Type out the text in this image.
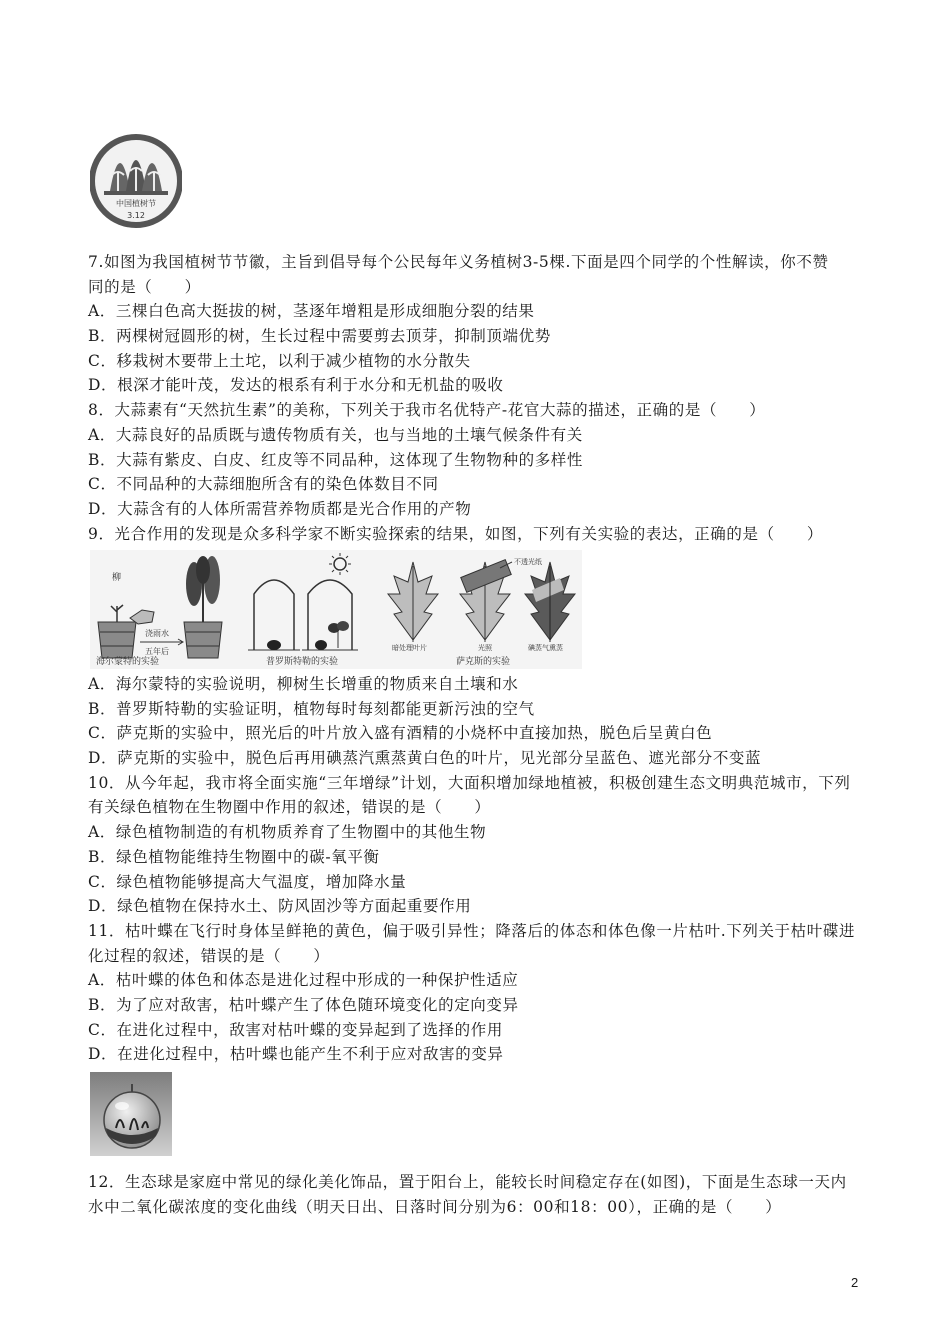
中国植树节
3.12
7.如图为我国植树节节徽，主旨到倡导每个公民每年义务植树3-5棵.下面是四个同学的个性解读，你不赞
同的是（　　）
A．三棵白色高大挺拔的树，茎逐年增粗是形成细胞分裂的结果
B．两棵树冠圆形的树，生长过程中需要剪去顶芽，抑制顶端优势
C．移栽树木要带上土坨，以利于减少植物的水分散失
D．根深才能叶茂，发达的根系有利于水分和无机盐的吸收
8．大蒜素有“天然抗生素”的美称，下列关于我市名优特产-花官大蒜的描述，正确的是（　　）
A．大蒜良好的品质既与遗传物质有关，也与当地的土壤气候条件有关
B．大蒜有紫皮、白皮、红皮等不同品种，这体现了生物物种的多样性
C．不同品种的大蒜细胞所含有的染色体数目不同
D．大蒜含有的人体所需营养物质都是光合作用的产物
9．光合作用的发现是众多科学家不断实验探索的结果，如图，下列有关实验的表达，正确的是（　　）
柳
浇雨水
五年后
海尔蒙特的实验	普罗斯特勒的实验
不透光纸
暗处理叶片	光照	碘蒸气熏蒸
萨克斯的实验
A．海尔蒙特的实验说明，柳树生长增重的物质来自土壤和水
B．普罗斯特勒的实验证明，植物每时每刻都能更新污浊的空气
C．萨克斯的实验中，照光后的叶片放入盛有酒精的小烧杯中直接加热，脱色后呈黄白色
D．萨克斯的实验中，脱色后再用碘蒸汽熏蒸黄白色的叶片，见光部分呈蓝色、遮光部分不变蓝
10．从今年起，我市将全面实施“三年增绿”计划，大面积增加绿地植被，积极创建生态文明典范城市，下列
有关绿色植物在生物圈中作用的叙述，错误的是（　　）
A．绿色植物制造的有机物质养育了生物圈中的其他生物
B．绿色植物能维持生物圈中的碳-氧平衡
C．绿色植物能够提高大气温度，增加降水量
D．绿色植物在保持水土、防风固沙等方面起重要作用
11．枯叶蝶在飞行时身体呈鲜艳的黄色，偏于吸引异性；降落后的体态和体色像一片枯叶.下列关于枯叶碟进
化过程的叙述，错误的是（　　）
A．枯叶蝶的体色和体态是进化过程中形成的一种保护性适应
B．为了应对敌害，枯叶蝶产生了体色随环境变化的定向变异
C．在进化过程中，敌害对枯叶蝶的变异起到了选择的作用
D．在进化过程中，枯叶蝶也能产生不利于应对敌害的变异
12．生态球是家庭中常见的绿化美化饰品，置于阳台上，能较长时间稳定存在(如图)，下面是生态球一天内
水中二氧化碳浓度的变化曲线（明天日出、日落时间分别为6：00和18：00），正确的是（　　）
2
